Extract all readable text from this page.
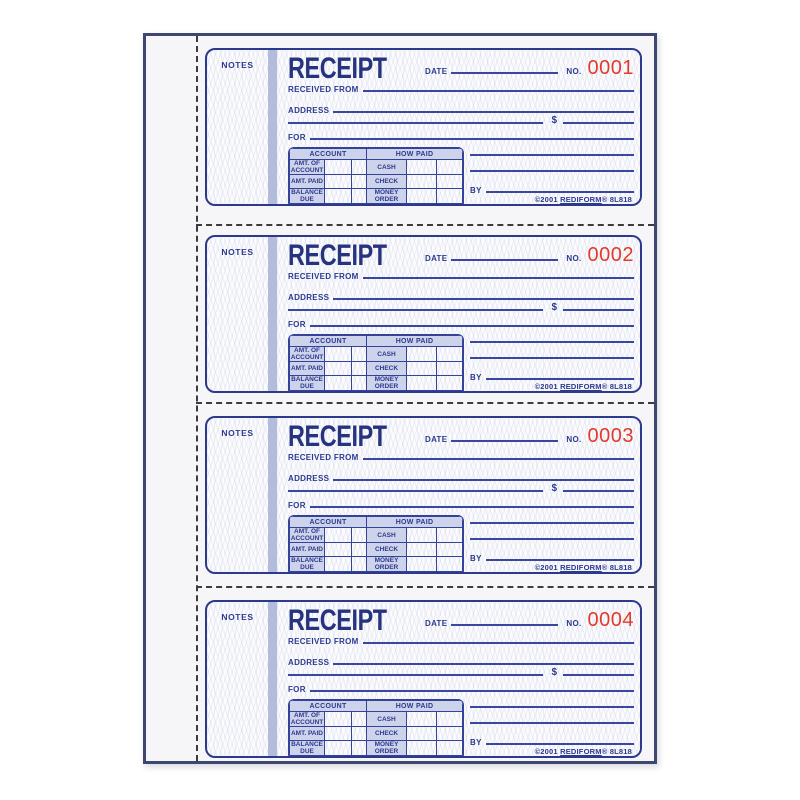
NOTES	RECEIPT	DATE	NO. 0001
RECEIVED FROM
ADDRESS
$
FOR
ACCOUNT			HOW PAID		
AMT. OF ACCOUNT			CASH		
AMT. PAID			CHECK		
BALANCE DUE			MONEY ORDER		
BY
©2001 REDIFORM® 8L818
NOTES	RECEIPT	DATE	NO. 0002
RECEIVED FROM
ADDRESS
$
FOR
ACCOUNT			HOW PAID		
AMT. OF ACCOUNT			CASH		
AMT. PAID			CHECK		
BALANCE DUE			MONEY ORDER		
BY
©2001 REDIFORM® 8L818
NOTES	RECEIPT	DATE	NO. 0003
RECEIVED FROM
ADDRESS
$
FOR
ACCOUNT			HOW PAID		
AMT. OF ACCOUNT			CASH		
AMT. PAID			CHECK		
BALANCE DUE			MONEY ORDER		
BY
©2001 REDIFORM® 8L818
NOTES	RECEIPT	DATE	NO. 0004
RECEIVED FROM
ADDRESS
$
FOR
ACCOUNT			HOW PAID		
AMT. OF ACCOUNT			CASH		
AMT. PAID			CHECK		
BALANCE DUE			MONEY ORDER		
BY
©2001 REDIFORM® 8L818
